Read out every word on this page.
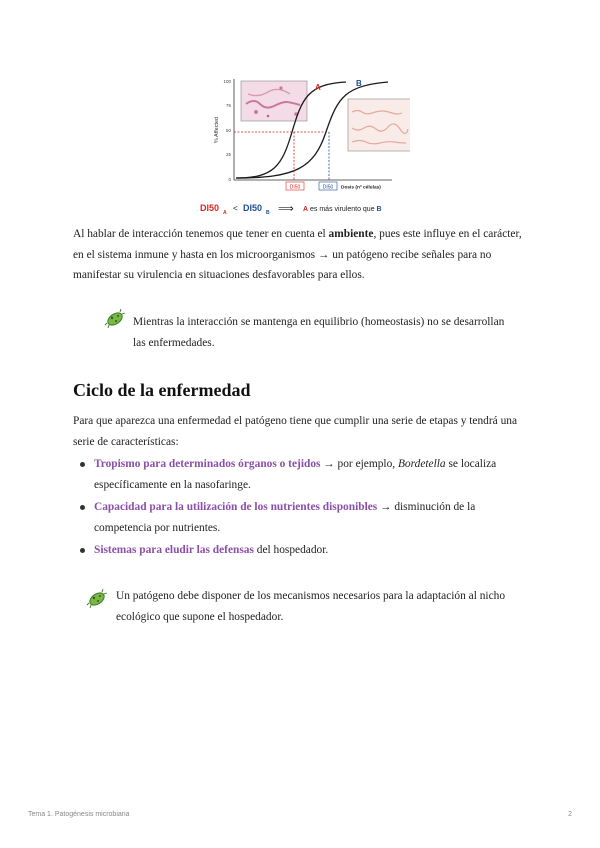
% Affected
100
75
50
25
0
A	B
DI50	DI50 Dosis (nº células)
DI50 A < DI50 B ⟹ A es más virulento que B

Al hablar de interacción tenemos que tener en cuenta el ambiente, pues este influye en el carácter, en el sistema inmune y hasta en los microorganismos → un patógeno recibe señales para no manifestar su virulencia en situaciones desfavorables para ellos.

Mientras la interacción se mantenga en equilibrio (homeostasis) no se desarrollan las enfermedades.

Ciclo de la enfermedad

Para que aparezca una enfermedad el patógeno tiene que cumplir una serie de etapas y tendrá una serie de características:

Tropismo para determinados órganos o tejidos → por ejemplo, Bordetella se localiza específicamente en la nasofaringe.
Capacidad para la utilización de los nutrientes disponibles → disminución de la competencia por nutrientes.
Sistemas para eludir las defensas del hospedador.

Un patógeno debe disponer de los mecanismos necesarios para la adaptación al nicho ecológico que supone el hospedador.

Tema 1. Patogénesis microbiana	2
